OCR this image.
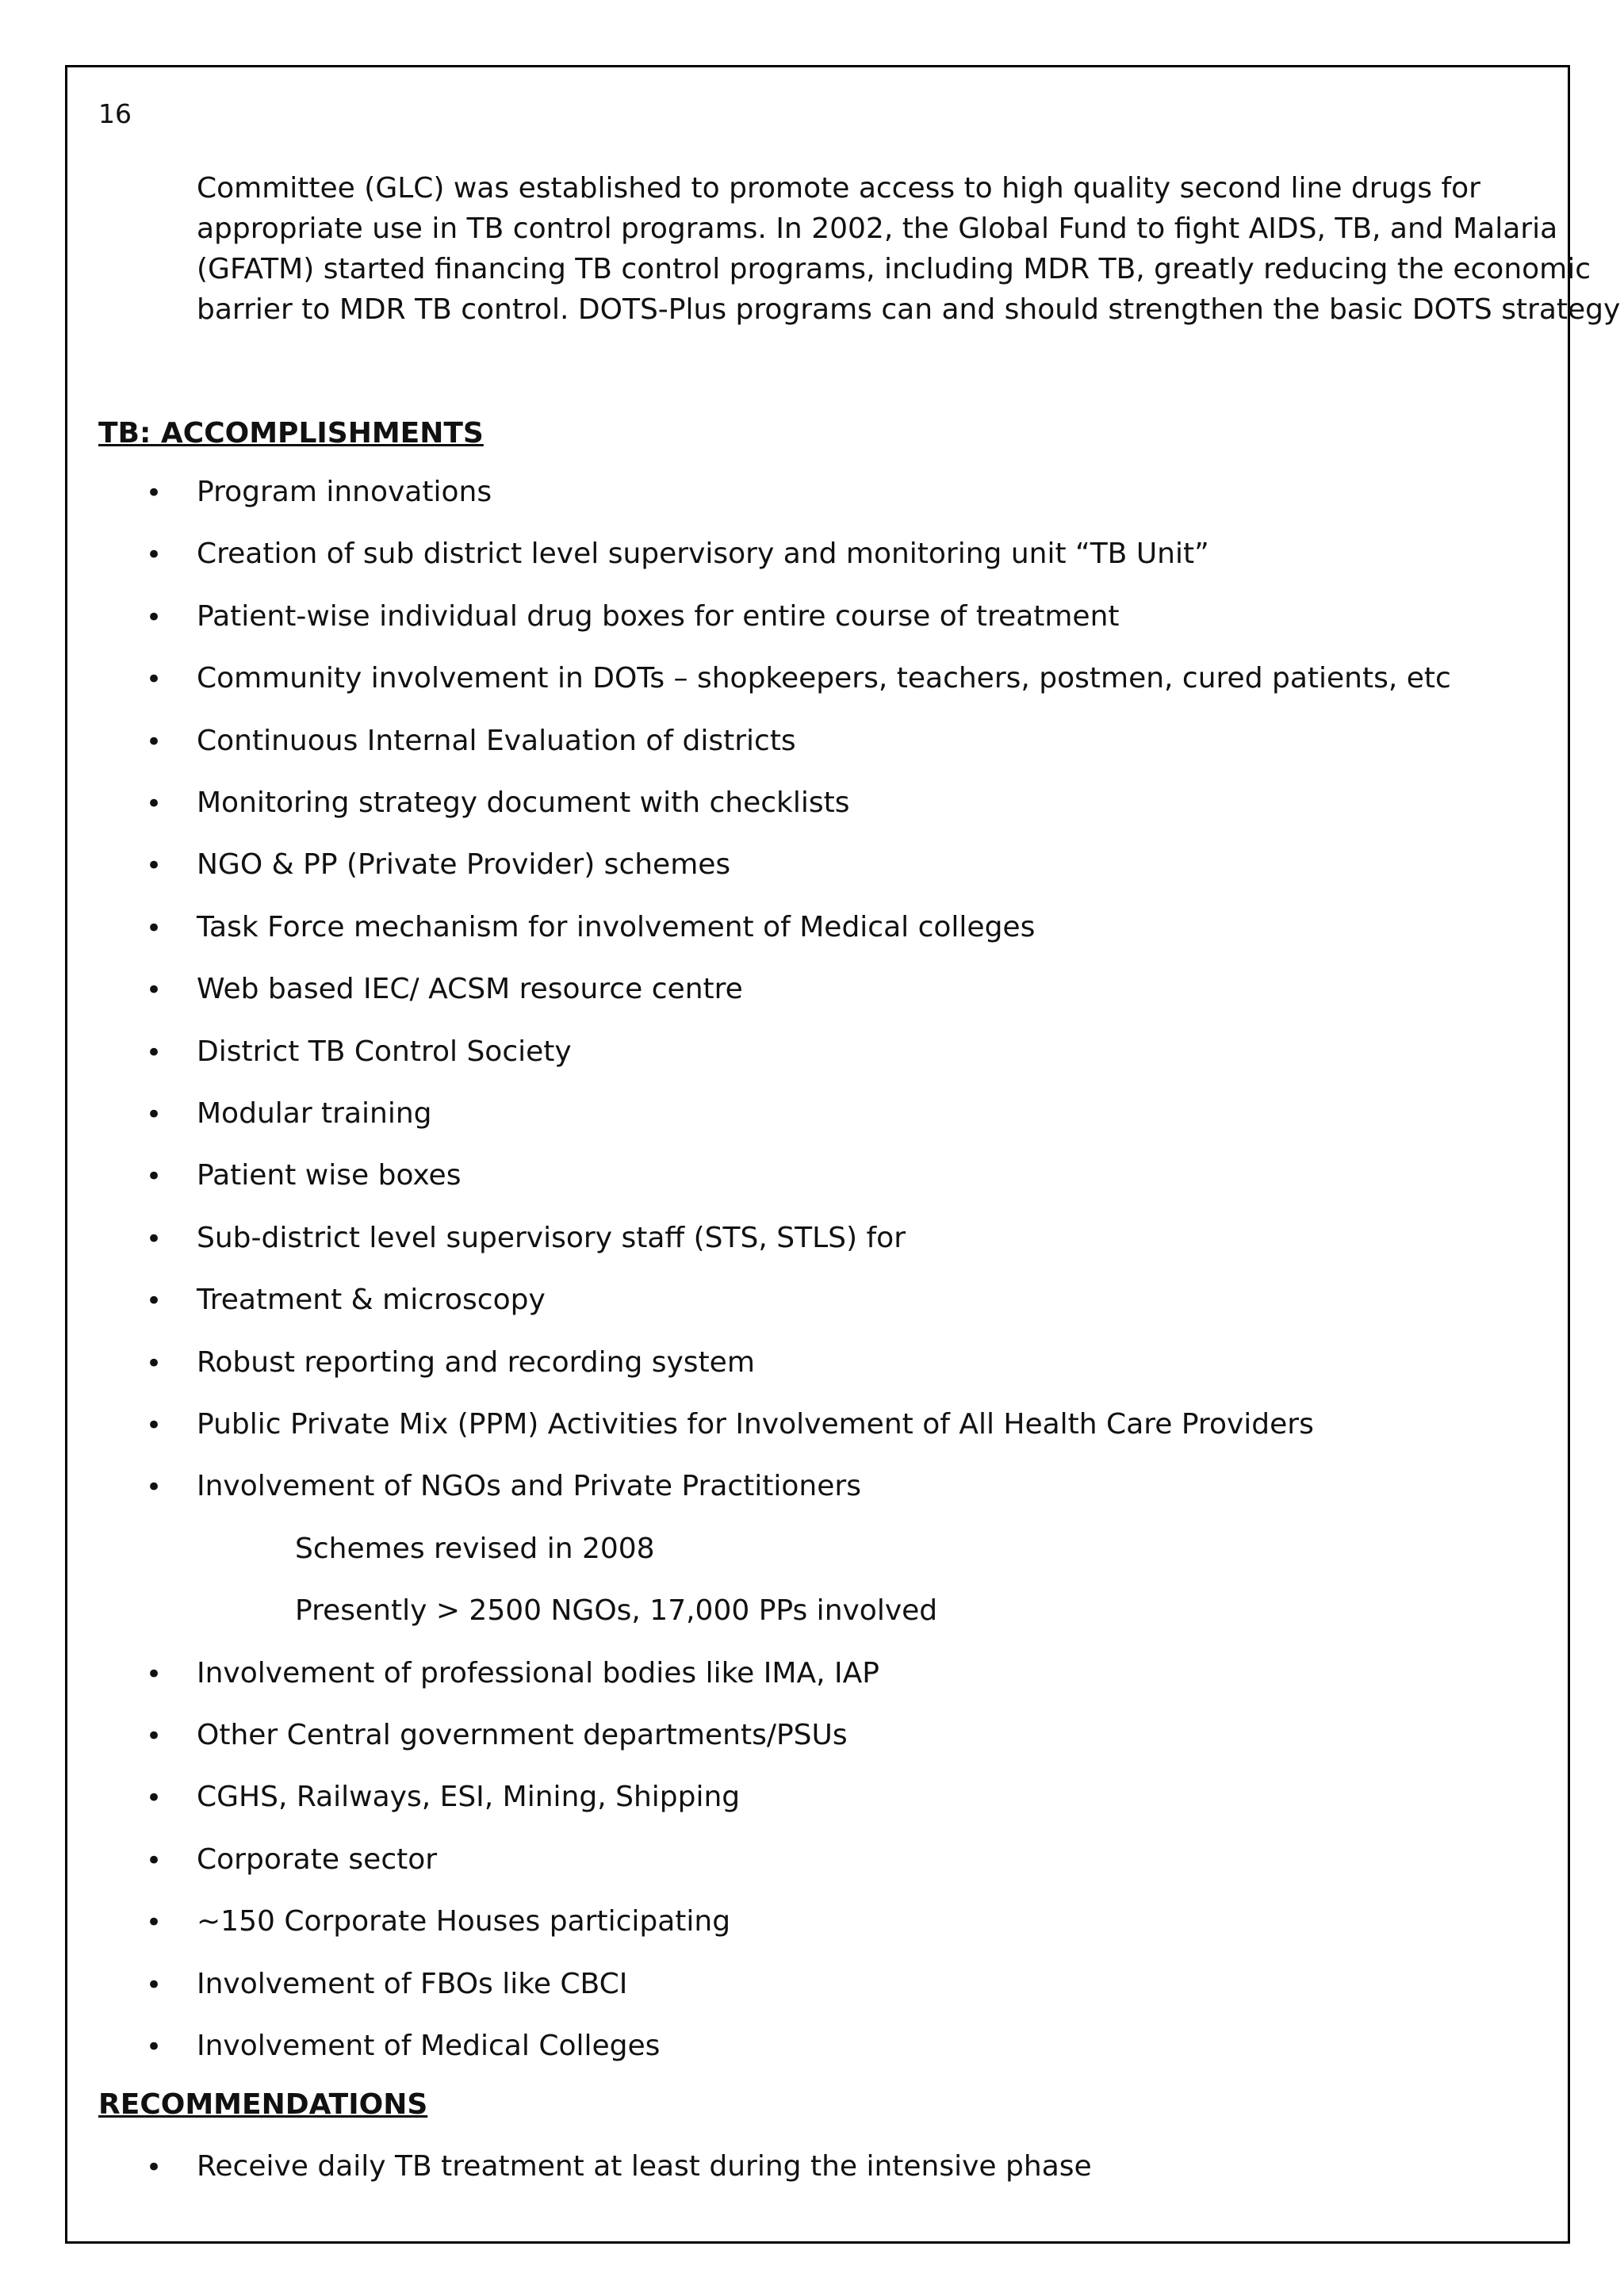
16
Committee (GLC) was established to promote access to high quality second line drugs for
appropriate use in TB control programs. In 2002, the Global Fund to fight AIDS, TB, and Malaria
(GFATM) started financing TB control programs, including MDR TB, greatly reducing the economic
barrier to MDR TB control. DOTS-Plus programs can and should strengthen the basic DOTS strategy
TB: ACCOMPLISHMENTS
• Program innovations
• Creation of sub district level supervisory and monitoring unit “TB Unit”
• Patient-wise individual drug boxes for entire course of treatment
• Community involvement in DOTs – shopkeepers, teachers, postmen, cured patients, etc
• Continuous Internal Evaluation of districts
• Monitoring strategy document with checklists
• NGO & PP (Private Provider) schemes
• Task Force mechanism for involvement of Medical colleges
• Web based IEC/ ACSM resource centre
• District TB Control Society
• Modular training
• Patient wise boxes
• Sub-district level supervisory staff (STS, STLS) for
• Treatment & microscopy
• Robust reporting and recording system
• Public Private Mix (PPM) Activities for Involvement of All Health Care Providers
• Involvement of NGOs and Private Practitioners
Schemes revised in 2008
Presently > 2500 NGOs, 17,000 PPs involved
• Involvement of professional bodies like IMA, IAP
• Other Central government departments/PSUs
• CGHS, Railways, ESI, Mining, Shipping
• Corporate sector
• ~150 Corporate Houses participating
• Involvement of FBOs like CBCI
• Involvement of Medical Colleges
RECOMMENDATIONS
• Receive daily TB treatment at least during the intensive phase
